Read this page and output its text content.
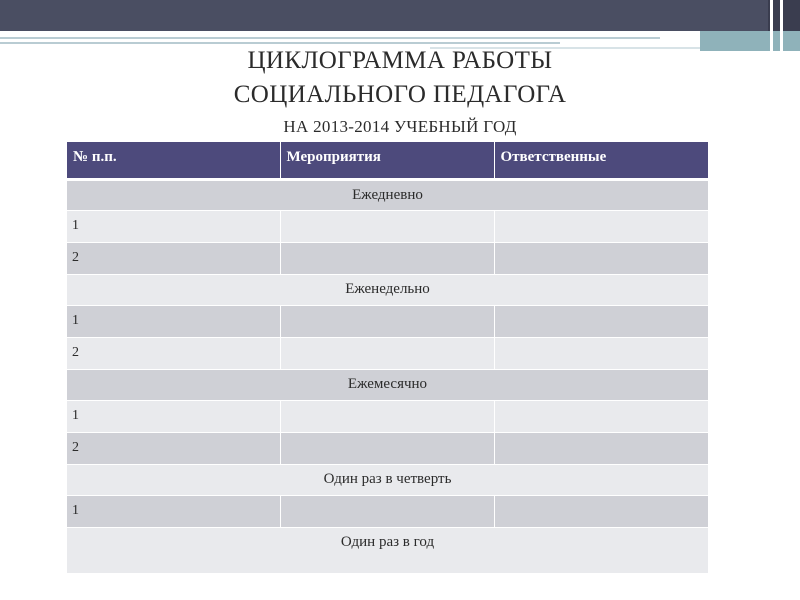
ЦИКЛОГРАММА РАБОТЫ
СОЦИАЛЬНОГО ПЕДАГОГА
НА 2013-2014 УЧЕБНЫЙ ГОД
№ п.п.	Мероприятия	Ответственные
Ежедневно		
1		
2		
Еженедельно		
1		
2		
Ежемесячно		
1		
2		
Один раз в четверть		
1		
Один раз в год		
